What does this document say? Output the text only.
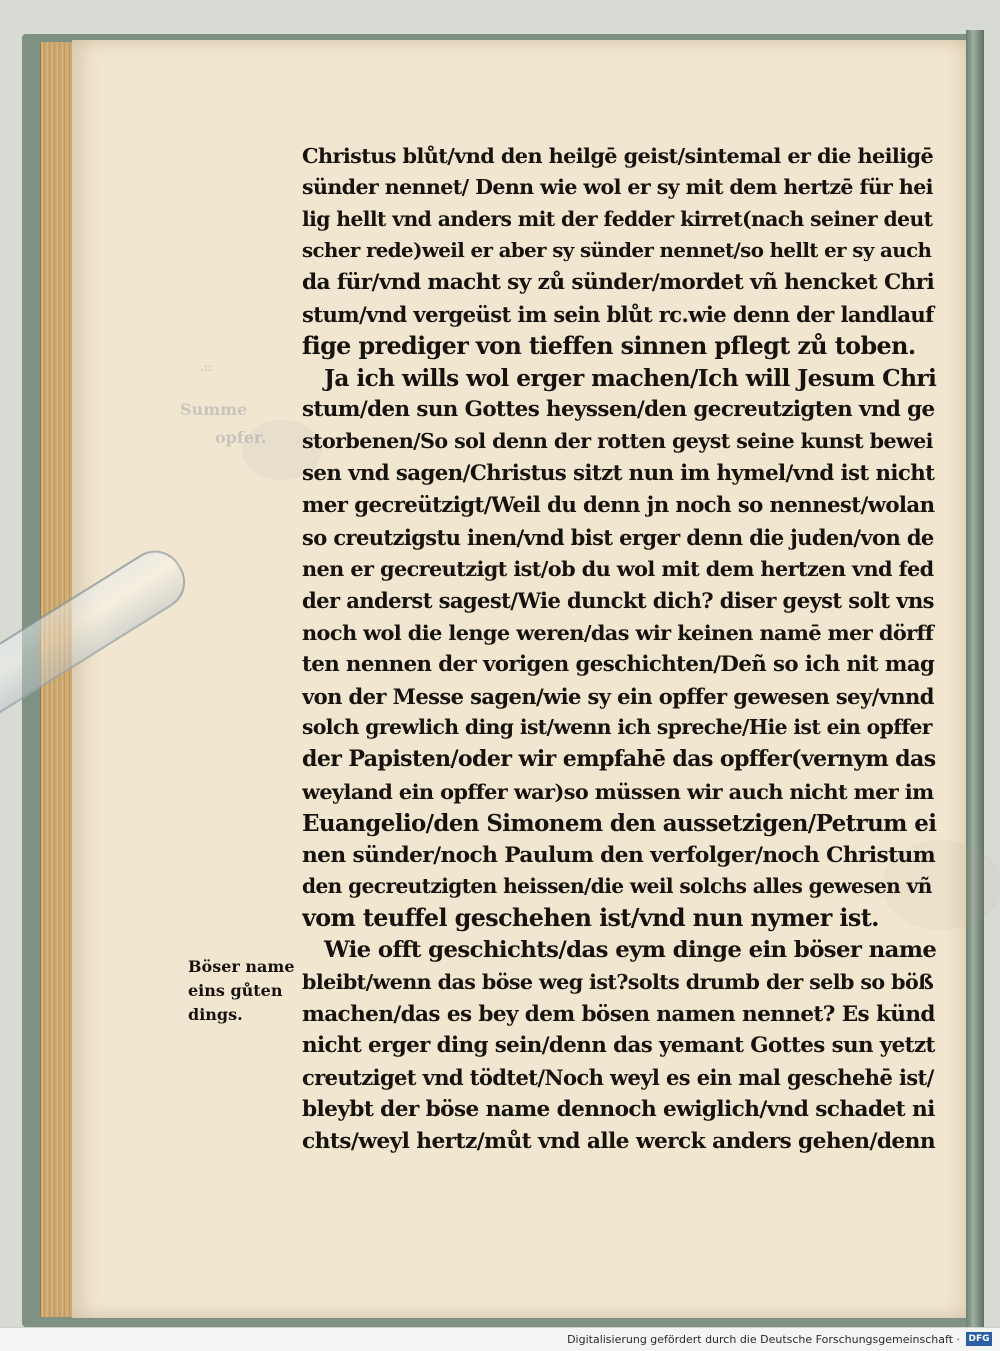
Summe
opfer.
.::
Christus blůt/vnd den heilgē geist/sintemal er die heiligē
sünder nennet/ Denn wie wol er sy mit dem hertzē für hei
lig hellt vnd anders mit der fedder kirret(nach seiner deut
scher rede)weil er aber sy sünder nennet/so hellt er sy auch
da für/vnd macht sy zů sünder/mordet vñ hencket Chri
stum/vnd vergeüst im sein blůt rc.wie denn der landlauf
fige prediger von tieffen sinnen pflegt zů toben.
Ja ich wills wol erger machen/Ich will Jesum Chri
stum/den sun Gottes heyssen/den gecreutzigten vnd ge
storbenen/So sol denn der rotten geyst seine kunst bewei
sen vnd sagen/Christus sitzt nun im hymel/vnd ist nicht
mer gecreützigt/Weil du denn jn noch so nennest/wolan
so creutzigstu inen/vnd bist erger denn die juden/von de
nen er gecreutzigt ist/ob du wol mit dem hertzen vnd fed
der anderst sagest/Wie dunckt dich? diser geyst solt vns
noch wol die lenge weren/das wir keinen namē mer dörff
ten nennen der vorigen geschichten/Deñ so ich nit mag
von der Messe sagen/wie sy ein opffer gewesen sey/vnnd
solch grewlich ding ist/wenn ich spreche/Hie ist ein opffer
der Papisten/oder wir empfahē das opffer(vernym das
weyland ein opffer war)so müssen wir auch nicht mer im
Euangelio/den Simonem den aussetzigen/Petrum ei
nen sünder/noch Paulum den verfolger/noch Christum
den gecreutzigten heissen/die weil solchs alles gewesen vñ
vom teuffel geschehen ist/vnd nun nymer ist.
Wie offt geschichts/das eym dinge ein böser name
bleibt/wenn das böse weg ist?solts drumb der selb so böß
machen/das es bey dem bösen namen nennet? Es künd
nicht erger ding sein/denn das yemant Gottes sun yetzt
creutziget vnd tödtet/Noch weyl es ein mal geschehē ist/
bleybt der böse name dennoch ewiglich/vnd schadet ni
chts/weyl hertz/můt vnd alle werck anders gehen/denn
Böser name
eins gůten
dings.
Digitalisierung gefördert durch die Deutsche Forschungsgemeinschaft · DFG
